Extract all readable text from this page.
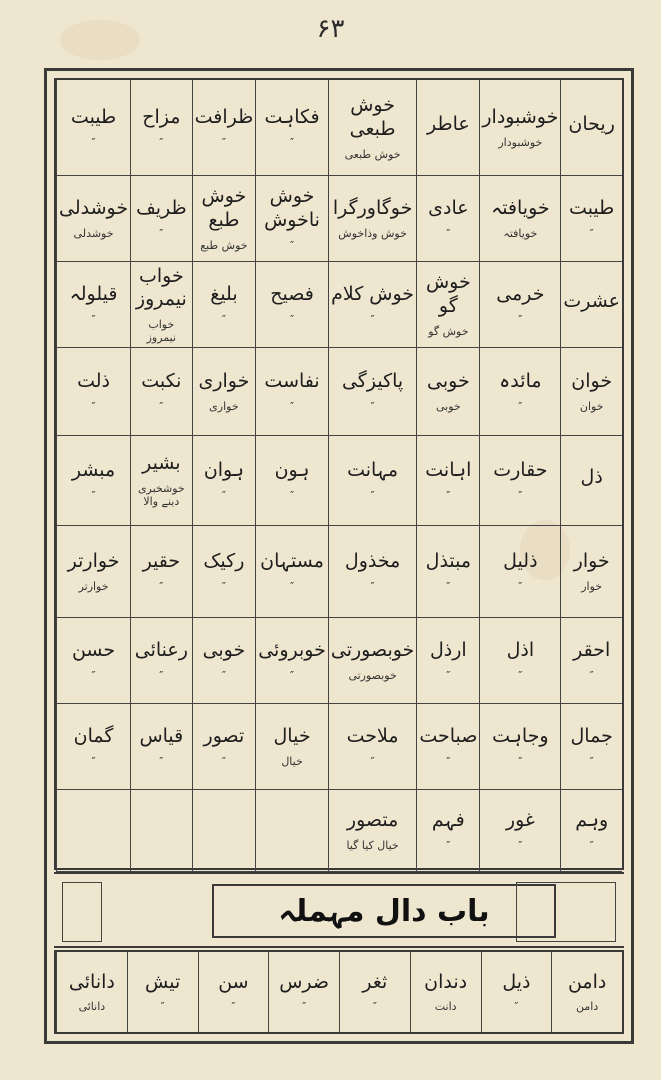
۶۳
ریحان
خوشبودار
خوشبودار
عاطر
خوش طبعی
خوش طبعی
فکاہت
″
ظرافت
″
مزاح
″
طیبت
″
طیبت
″
خویافتہ
خویافتہ
عادی
″
خوگاورگرا
خوش وذاخوش
خوش ناخوش
″
خوش طبع
خوش طبع
ظریف
″
خوشدلی
خوشدلی
عشرت
خرمی
″
خوش گو
خوش گو
خوش کلام
″
فصیح
″
بلیغ
″
خواب نیمروز
خواب نیمروز
قیلولہ
″
خوان
خوان
مائدہ
″
خوبی
خوبی
پاکیزگی
″
نفاست
″
خواری
خواری
نکبت
″
ذلت
″
ذل
حقارت
″
اہانت
″
مہانت
″
ہون
″
ہوان
″
بشیر
خوشخبری دینے والا
مبشر
″
خوار
خوار
ذلیل
″
مبتذل
″
مخذول
″
مستہان
″
رکیک
″
حقیر
″
خوارتر
خوارتر
احقر
″
اذل
″
ارذل
″
خوبصورتی
خوبصورتی
خوبروئی
″
خوبی
″
رعنائی
″
حسن
″
جمال
″
وجاہت
″
صباحت
″
ملاحت
″
خیال
خیال
تصور
″
قیاس
″
گمان
″
وہم
″
غور
″
فہم
″
متصور
خیال کیا گیا
باب دال مہملہ
دامن
دامن
ذیل
″
دندان
دانت
ثغر
″
ضرس
″
سن
″
تیش
″
دانائی
دانائی
